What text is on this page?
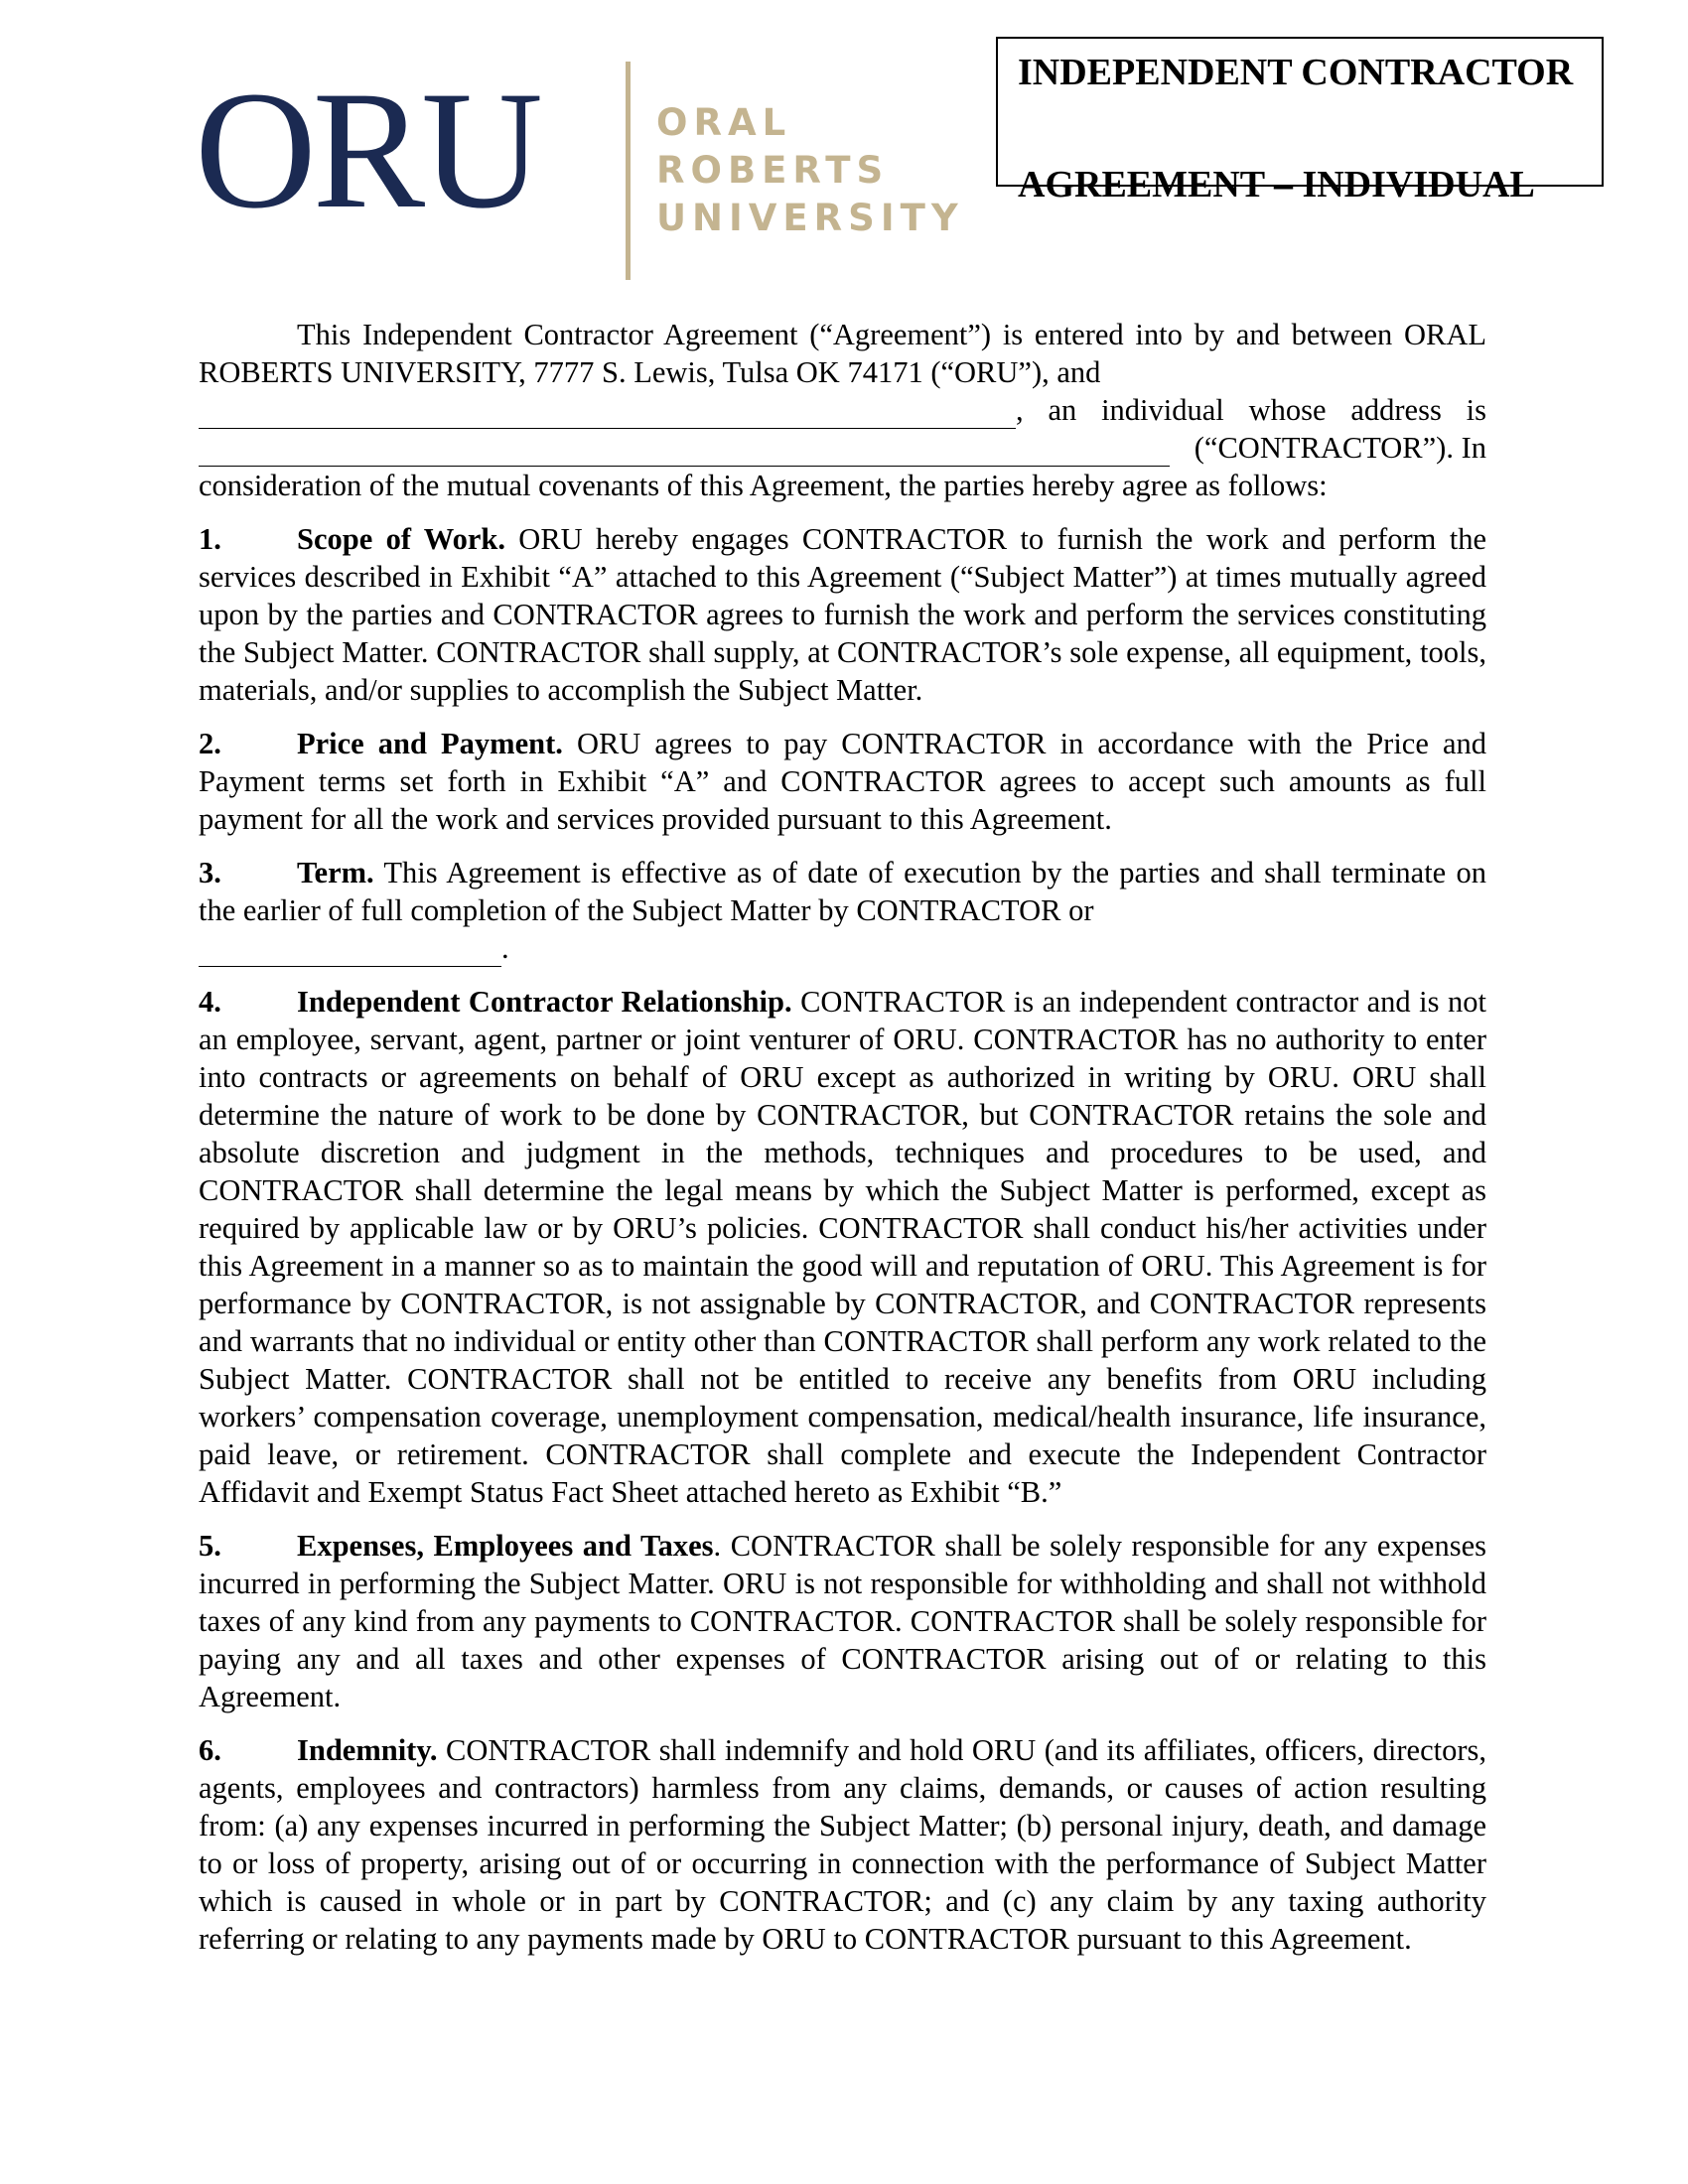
ORU	ORAL
ROBERTS
UNIVERSITY
INDEPENDENT CONTRACTOR
AGREEMENT – INDIVIDUAL

This Independent Contractor Agreement (“Agreement”) is entered into by and between ORAL ROBERTS UNIVERSITY, 7777 S. Lewis, Tulsa OK 74171 (“ORU”), and

, an individual whose address is
(“CONTRACTOR”). In

consideration of the mutual covenants of this Agreement, the parties hereby agree as follows:

1. Scope of Work. ORU hereby engages CONTRACTOR to furnish the work and perform the services described in Exhibit “A” attached to this Agreement (“Subject Matter”) at times mutually agreed upon by the parties and CONTRACTOR agrees to furnish the work and perform the services constituting the Subject Matter. CONTRACTOR shall supply, at CONTRACTOR’s sole expense, all equipment, tools, materials, and/or supplies to accomplish the Subject Matter.

2. Price and Payment. ORU agrees to pay CONTRACTOR in accordance with the Price and Payment terms set forth in Exhibit “A” and CONTRACTOR agrees to accept such amounts as full payment for all the work and services provided pursuant to this Agreement.

3. Term. This Agreement is effective as of date of execution by the parties and shall terminate on the earlier of full completion of the Subject Matter by CONTRACTOR or

.

4. Independent Contractor Relationship. CONTRACTOR is an independent contractor and is not an employee, servant, agent, partner or joint venturer of ORU. CONTRACTOR has no authority to enter into contracts or agreements on behalf of ORU except as authorized in writing by ORU. ORU shall determine the nature of work to be done by CONTRACTOR, but CONTRACTOR retains the sole and absolute discretion and judgment in the methods, techniques and procedures to be used, and CONTRACTOR shall determine the legal means by which the Subject Matter is performed, except as required by applicable law or by ORU’s policies. CONTRACTOR shall conduct his/her activities under this Agreement in a manner so as to maintain the good will and reputation of ORU. This Agreement is for performance by CONTRACTOR, is not assignable by CONTRACTOR, and CONTRACTOR represents and warrants that no individual or entity other than CONTRACTOR shall perform any work related to the Subject Matter. CONTRACTOR shall not be entitled to receive any benefits from ORU including workers’ compensation coverage, unemployment compensation, medical/health insurance, life insurance, paid leave, or retirement. CONTRACTOR shall complete and execute the Independent Contractor Affidavit and Exempt Status Fact Sheet attached hereto as Exhibit “B.”

5. Expenses, Employees and Taxes. CONTRACTOR shall be solely responsible for any expenses incurred in performing the Subject Matter. ORU is not responsible for withholding and shall not withhold taxes of any kind from any payments to CONTRACTOR. CONTRACTOR shall be solely responsible for paying any and all taxes and other expenses of CONTRACTOR arising out of or relating to this Agreement.

6. Indemnity. CONTRACTOR shall indemnify and hold ORU (and its affiliates, officers, directors, agents, employees and contractors) harmless from any claims, demands, or causes of action resulting from: (a) any expenses incurred in performing the Subject Matter; (b) personal injury, death, and damage to or loss of property, arising out of or occurring in connection with the performance of Subject Matter which is caused in whole or in part by CONTRACTOR; and (c) any claim by any taxing authority referring or relating to any payments made by ORU to CONTRACTOR pursuant to this Agreement.
